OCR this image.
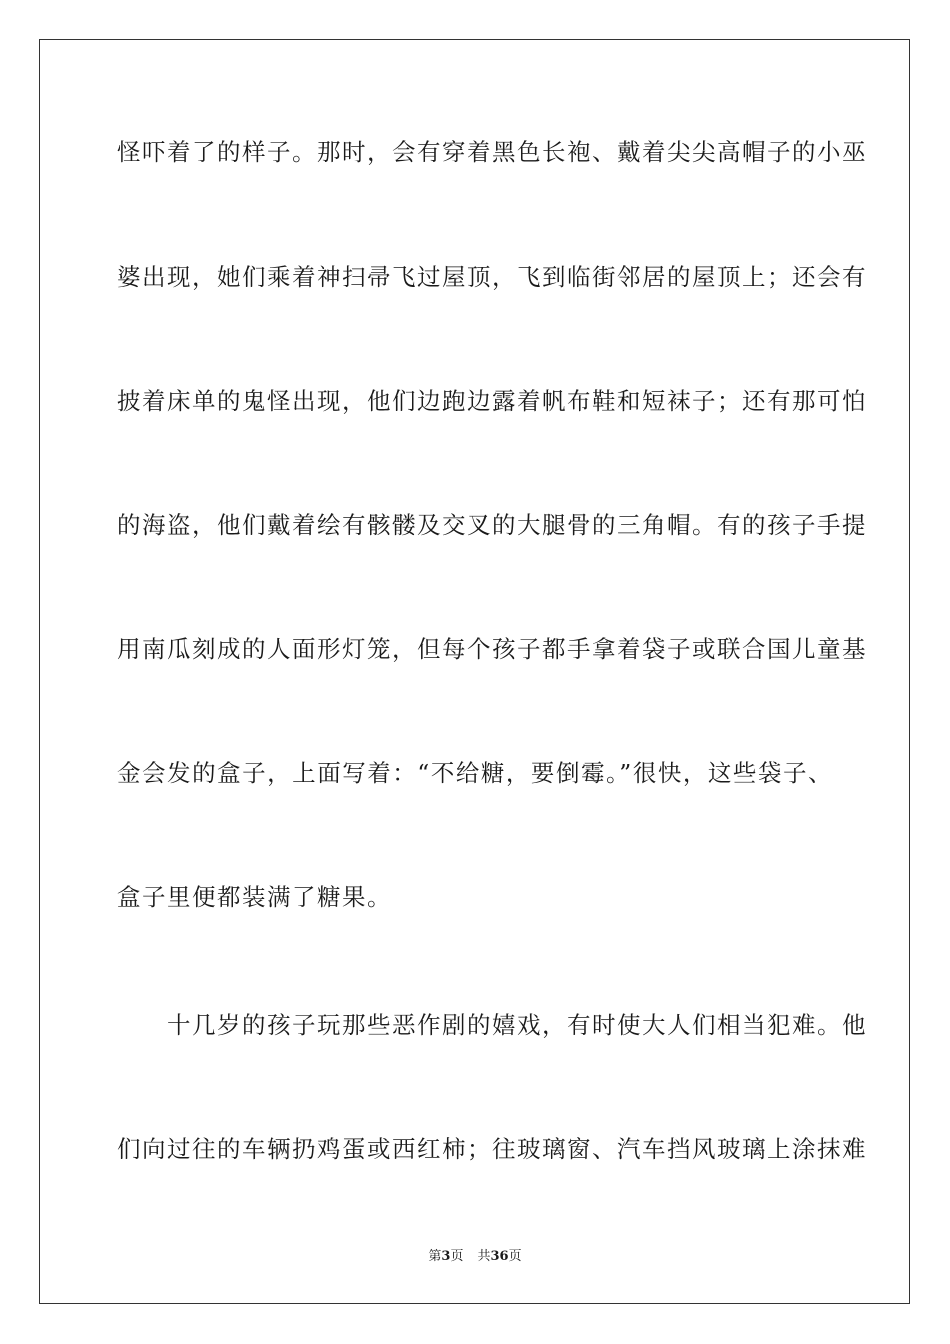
怪吓着了的样子。那时，会有穿着黑色长袍、戴着尖尖高帽子的小巫
婆出现，她们乘着神扫帚飞过屋顶，飞到临街邻居的屋顶上；还会有
披着床单的鬼怪出现，他们边跑边露着帆布鞋和短袜子；还有那可怕
的海盗，他们戴着绘有骸髅及交叉的大腿骨的三角帽。有的孩子手提
用南瓜刻成的人面形灯笼，但每个孩子都手拿着袋子或联合国儿童基
金会发的盒子，上面写着：“不给糖，要倒霉。”很快，这些袋子、
盒子里便都装满了糖果。
　　十几岁的孩子玩那些恶作剧的嬉戏，有时使大人们相当犯难。他
们向过往的车辆扔鸡蛋或西红柿；往玻璃窗、汽车挡风玻璃上涂抹难
第3页 共36页
